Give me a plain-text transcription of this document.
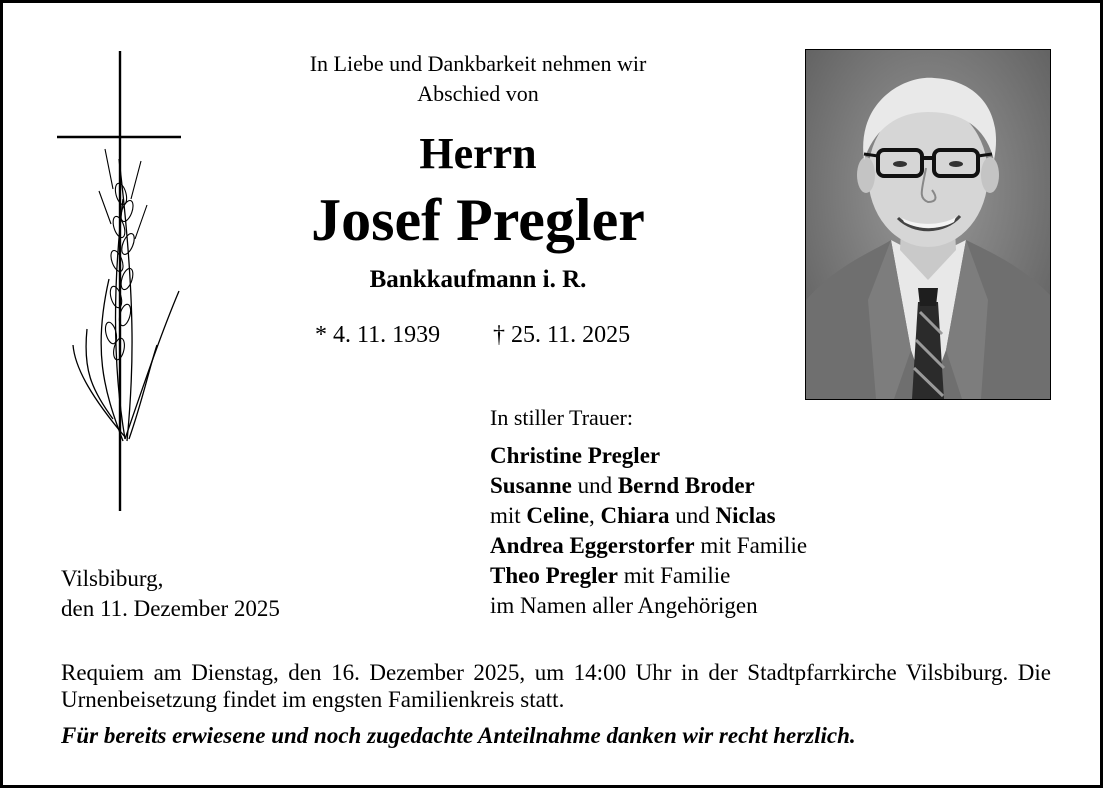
In Liebe und Dankbarkeit nehmen wir
Abschied von
Herrn
Josef Pregler
Bankkaufmann i. R.
* 4. 11. 1939 † 25. 11. 2025
In stiller Trauer:
Christine Pregler
Susanne und Bernd Broder
mit Celine, Chiara und Niclas
Andrea Eggerstorfer mit Familie
Theo Pregler mit Familie
im Namen aller Angehörigen
Vilsbiburg,
den 11. Dezember 2025
Requiem am Dienstag, den 16. Dezember 2025, um 14:00 Uhr in der Stadtpfarrkirche Vilsbiburg. Die Urnenbeisetzung findet im engsten Familienkreis statt.
Für bereits erwiesene und noch zugedachte Anteilnahme danken wir recht herzlich.
